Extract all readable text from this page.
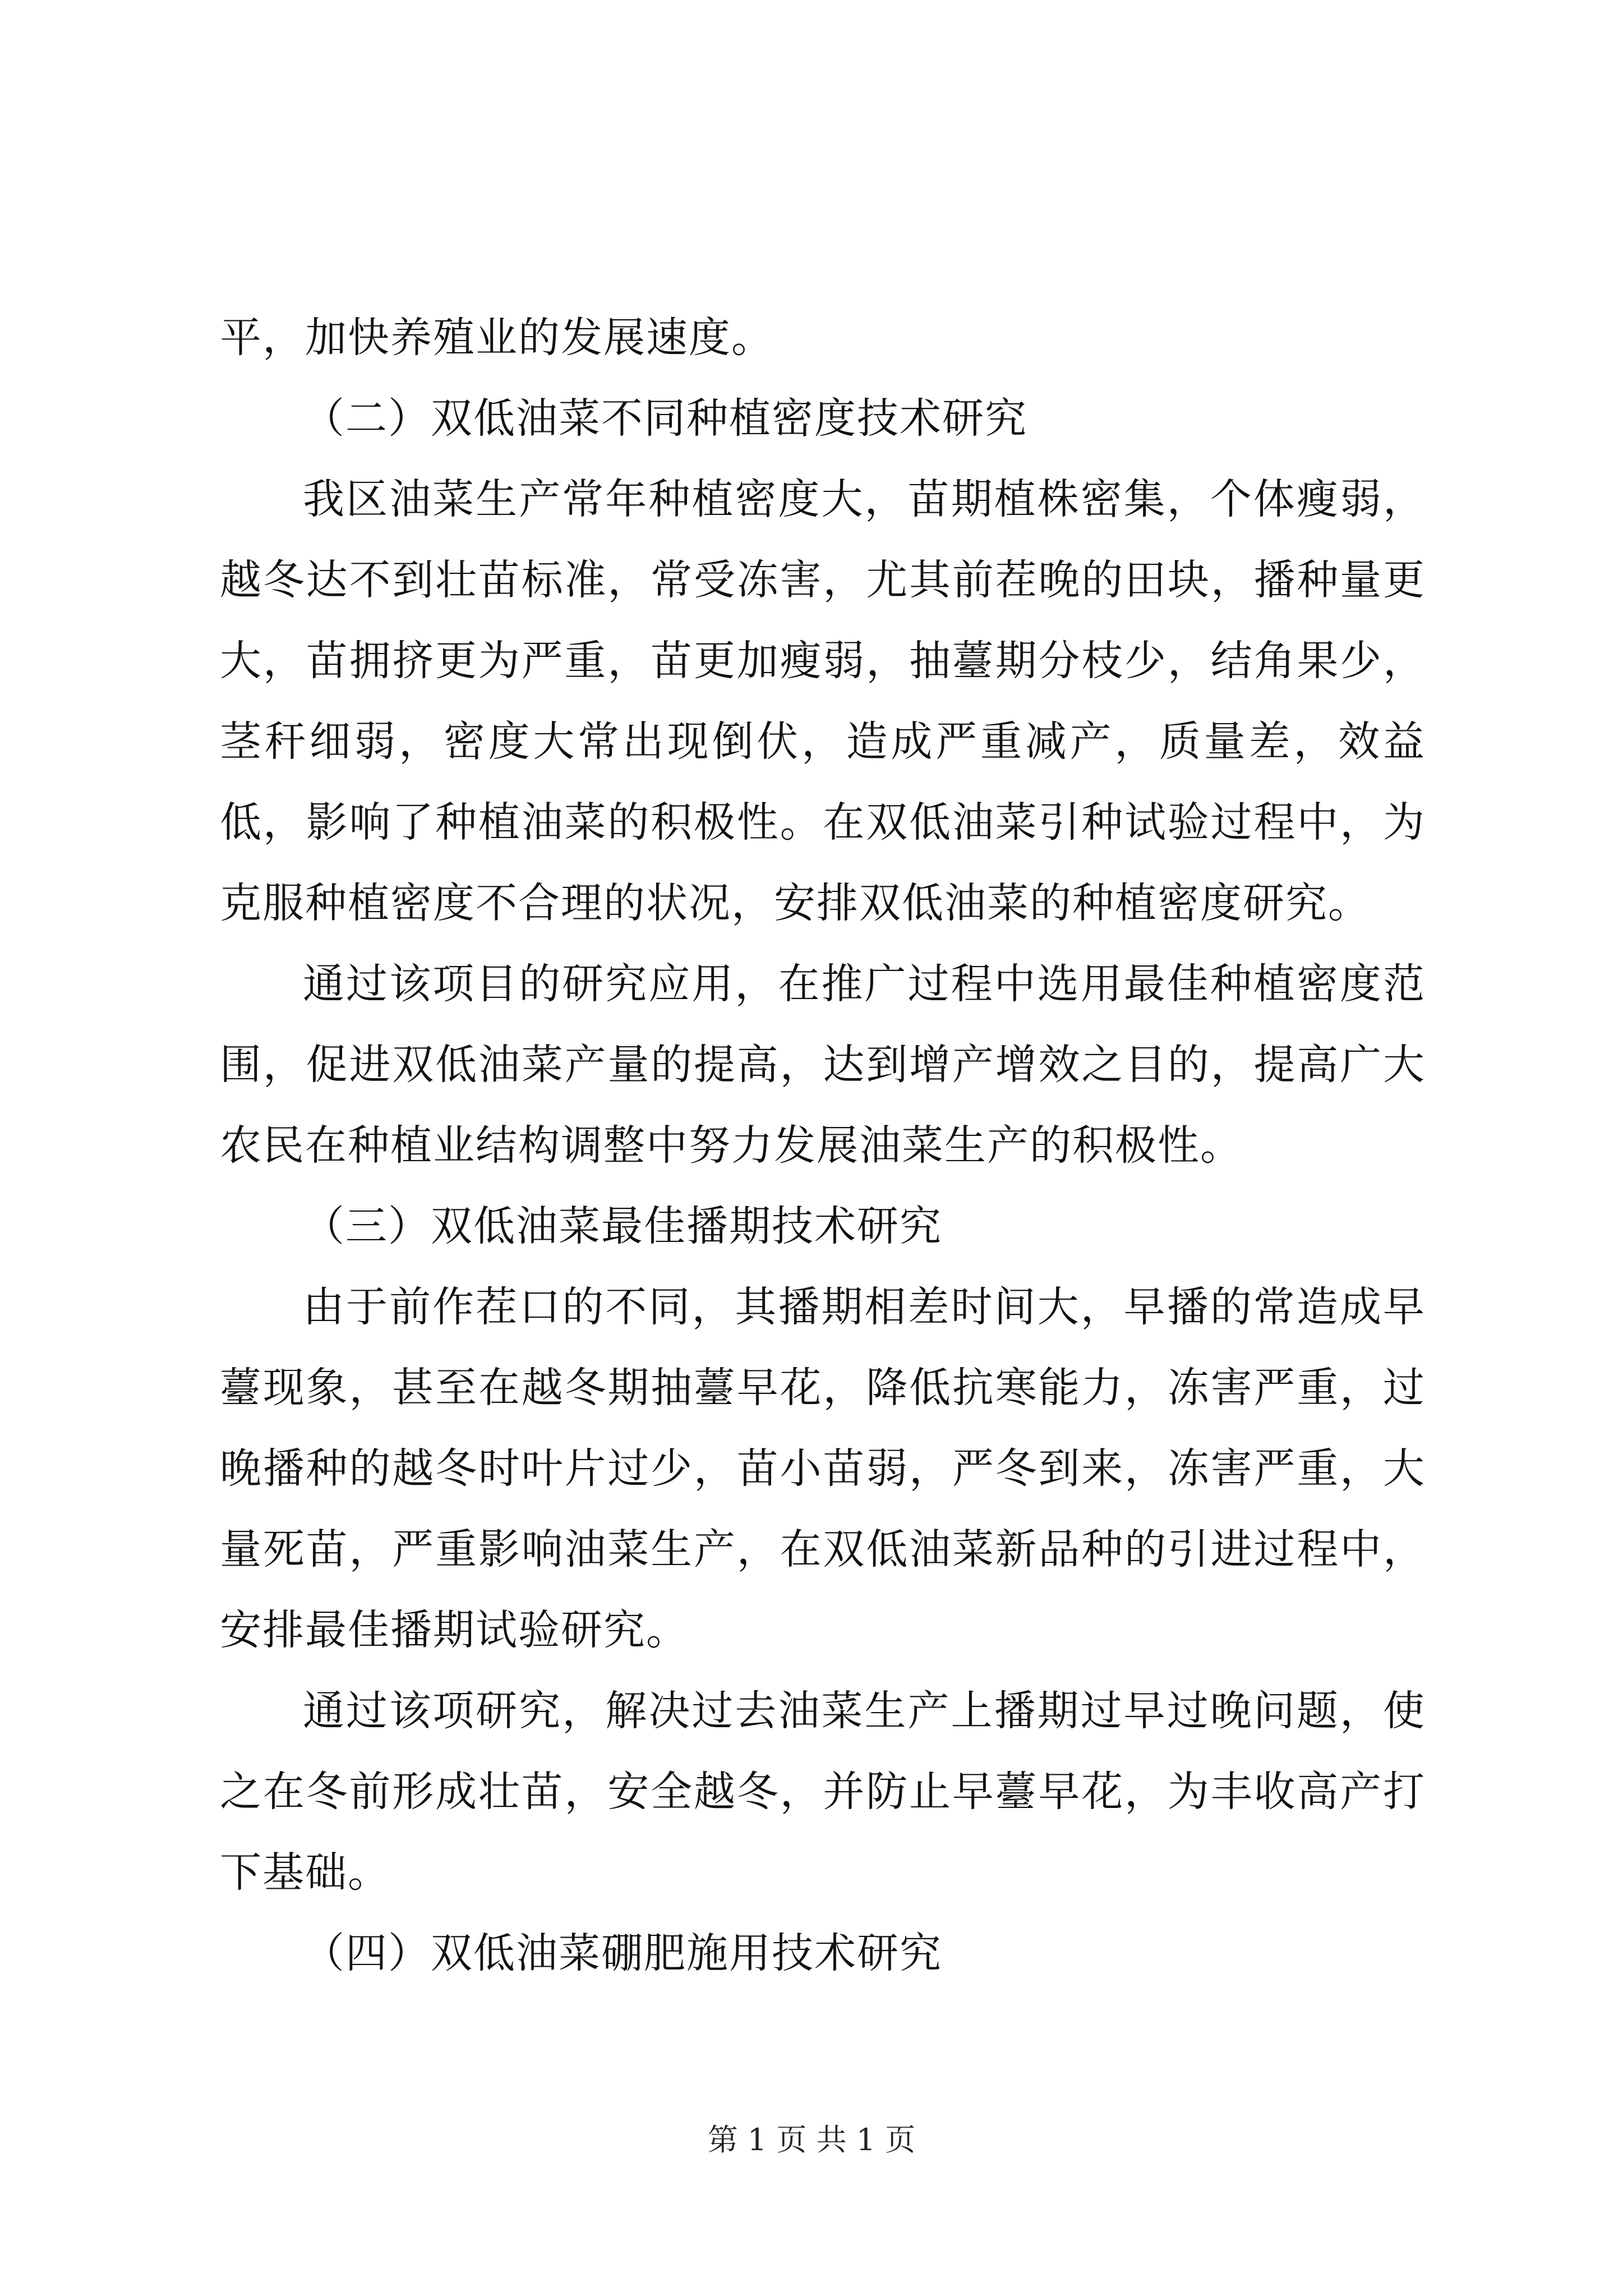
平，加快养殖业的发展速度。

（二）双低油菜不同种植密度技术研究

我区油菜生产常年种植密度大，苗期植株密集，个体瘦弱，越冬达不到壮苗标准，常受冻害，尤其前茬晚的田块，播种量更大，苗拥挤更为严重，苗更加瘦弱，抽薹期分枝少，结角果少，茎秆细弱，密度大常出现倒伏，造成严重减产，质量差，效益低，影响了种植油菜的积极性。在双低油菜引种试验过程中，为克服种植密度不合理的状况，安排双低油菜的种植密度研究。

通过该项目的研究应用，在推广过程中选用最佳种植密度范围，促进双低油菜产量的提高，达到增产增效之目的，提高广大农民在种植业结构调整中努力发展油菜生产的积极性。

（三）双低油菜最佳播期技术研究

由于前作茬口的不同，其播期相差时间大，早播的常造成早薹现象，甚至在越冬期抽薹早花，降低抗寒能力，冻害严重，过晚播种的越冬时叶片过少，苗小苗弱，严冬到来，冻害严重，大量死苗，严重影响油菜生产，在双低油菜新品种的引进过程中，安排最佳播期试验研究。

通过该项研究，解决过去油菜生产上播期过早过晚问题，使之在冬前形成壮苗，安全越冬，并防止早薹早花，为丰收高产打下基础。

（四）双低油菜硼肥施用技术研究

第 1 页 共 1 页
